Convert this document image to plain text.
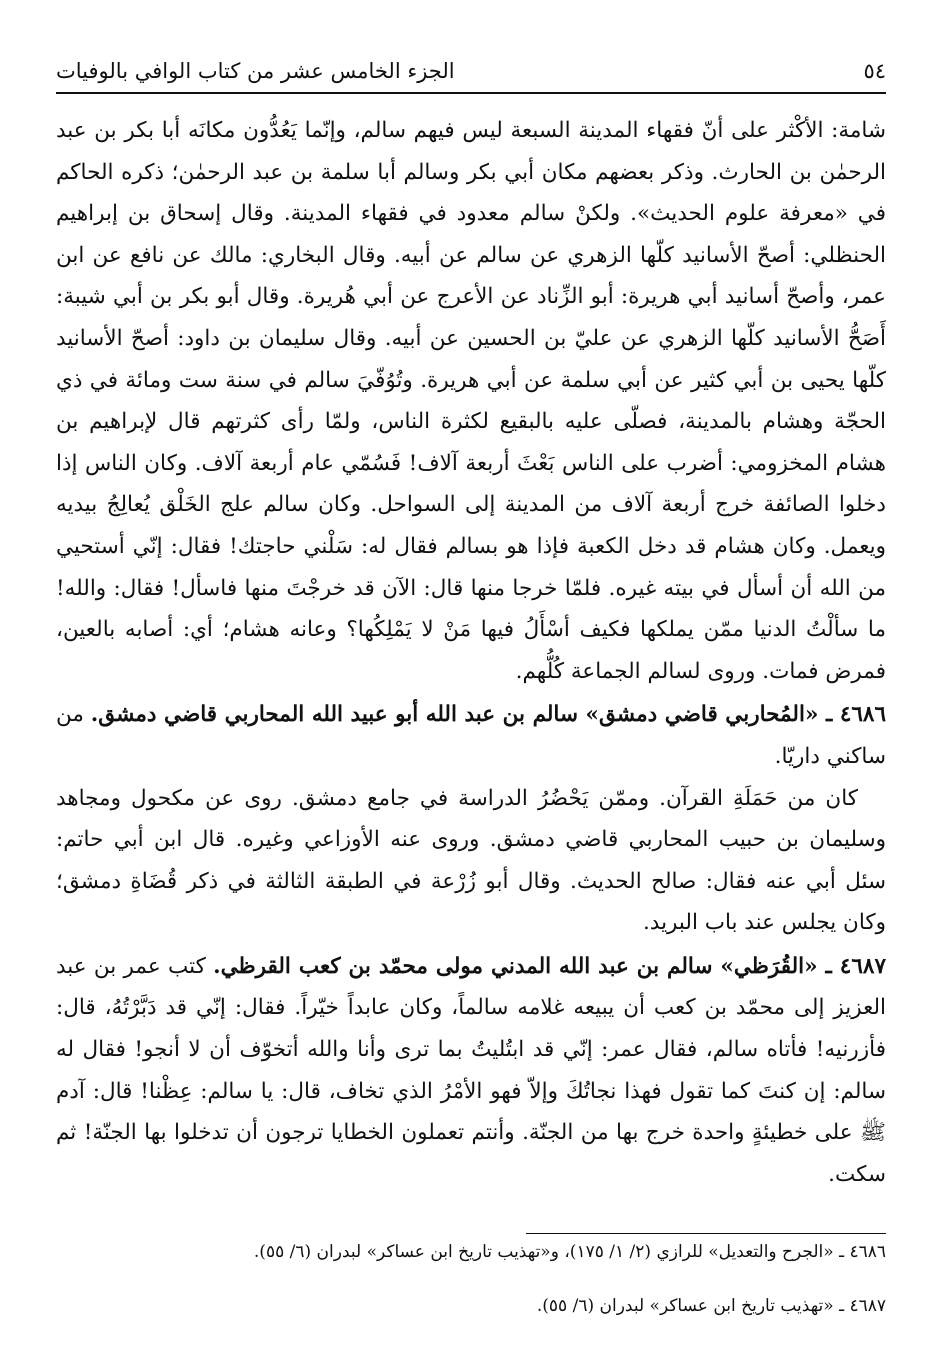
٥٤
الجزء الخامس عشر من كتاب الوافي بالوفيات

شامة: الأكْثر على أنّ فقهاء المدينة السبعة ليس فيهم سالم، وإنّما يَعُدُّون مكانَه أبا بكر بن عبد الرحمٰن بن الحارث. وذكر بعضهم مكان أبي بكر وسالم أبا سلمة بن عبد الرحمٰن؛ ذكره الحاكم في «معرفة علوم الحديث». ولكنْ سالم معدود في فقهاء المدينة. وقال إسحاق بن إبراهيم الحنظلي: أصحّ الأسانيد كلّها الزهري عن سالم عن أبيه. وقال البخاري: مالك عن نافع عن ابن عمر، وأصحّ أسانيد أبي هريرة: أبو الزِّناد عن الأعرج عن أبي هُريرة. وقال أبو بكر بن أبي شيبة: أَصَحُّ الأسانيد كلّها الزهري عن عليّ بن الحسين عن أبيه. وقال سليمان بن داود: أصحّ الأسانيد كلّها يحيى بن أبي كثير عن أبي سلمة عن أبي هريرة. وتُوُفّيَ سالم في سنة ست ومائة في ذي الحجّة وهشام بالمدينة، فصلّى عليه بالبقيع لكثرة الناس، ولمّا رأى كثرتهم قال لإبراهيم بن هشام المخزومي: أضرب على الناس بَعْثَ أربعة آلاف! فَسُمّي عام أربعة آلاف. وكان الناس إذا دخلوا الصائفة خرج أربعة آلاف من المدينة إلى السواحل. وكان سالم علج الخَلْق يُعالِجُ بيديه ويعمل. وكان هشام قد دخل الكعبة فإذا هو بسالم فقال له: سَلْني حاجتك! فقال: إنّي أستحيي من الله أن أسأل في بيته غيره. فلمّا خرجا منها قال: الآن قد خرجْتَ منها فاسأل! فقال: والله! ما سألْتُ الدنيا ممّن يملكها فكيف أسْأَلُ فيها مَنْ لا يَمْلِكُها؟ وعانه هشام؛ أي: أصابه بالعين، فمرض فمات. وروى لسالم الجماعة كُلُّهم.

٤٦٨٦ ـ «المُحاربي قاضي دمشق» سالم بن عبد الله أبو عبيد الله المحاربي قاضي دمشق. من ساكني داريّا.

كان من حَمَلَةِ القرآن. وممّن يَحْضُرُ الدراسة في جامع دمشق. روى عن مكحول ومجاهد وسليمان بن حبيب المحاربي قاضي دمشق. وروى عنه الأوزاعي وغيره. قال ابن أبي حاتم: سئل أبي عنه فقال: صالح الحديث. وقال أبو زُرْعة في الطبقة الثالثة في ذكر قُضَاةِ دمشق؛ وكان يجلس عند باب البريد.

٤٦٨٧ ـ «القُرَظي» سالم بن عبد الله المدني مولى محمّد بن كعب القرظي. كتب عمر بن عبد العزيز إلى محمّد بن كعب أن يبيعه غلامه سالماً، وكان عابداً خيّراً. فقال: إنّي قد دَبَّرْتُهُ، قال: فأزرنيه! فأتاه سالم، فقال عمر: إنّي قد ابتُليتُ بما ترى وأنا والله أتخوّف أن لا أنجو! فقال له سالم: إن كنتَ كما تقول فهذا نجاتُكَ وإلاّ فهو الأمْرُ الذي تخاف، قال: يا سالم: عِظْنا! قال: آدم ﷺ على خطيئةٍ واحدة خرج بها من الجنّة. وأنتم تعملون الخطايا ترجون أن تدخلوا بها الجنّة! ثم سكت.

٤٦٨٦ ـ «الجرح والتعديل» للرازي (٢/ ١/ ١٧٥)، و«تهذيب تاريخ ابن عساكر» لبدران (٦/ ٥٥).

٤٦٨٧ ـ «تهذيب تاريخ ابن عساكر» لبدران (٦/ ٥٥).
